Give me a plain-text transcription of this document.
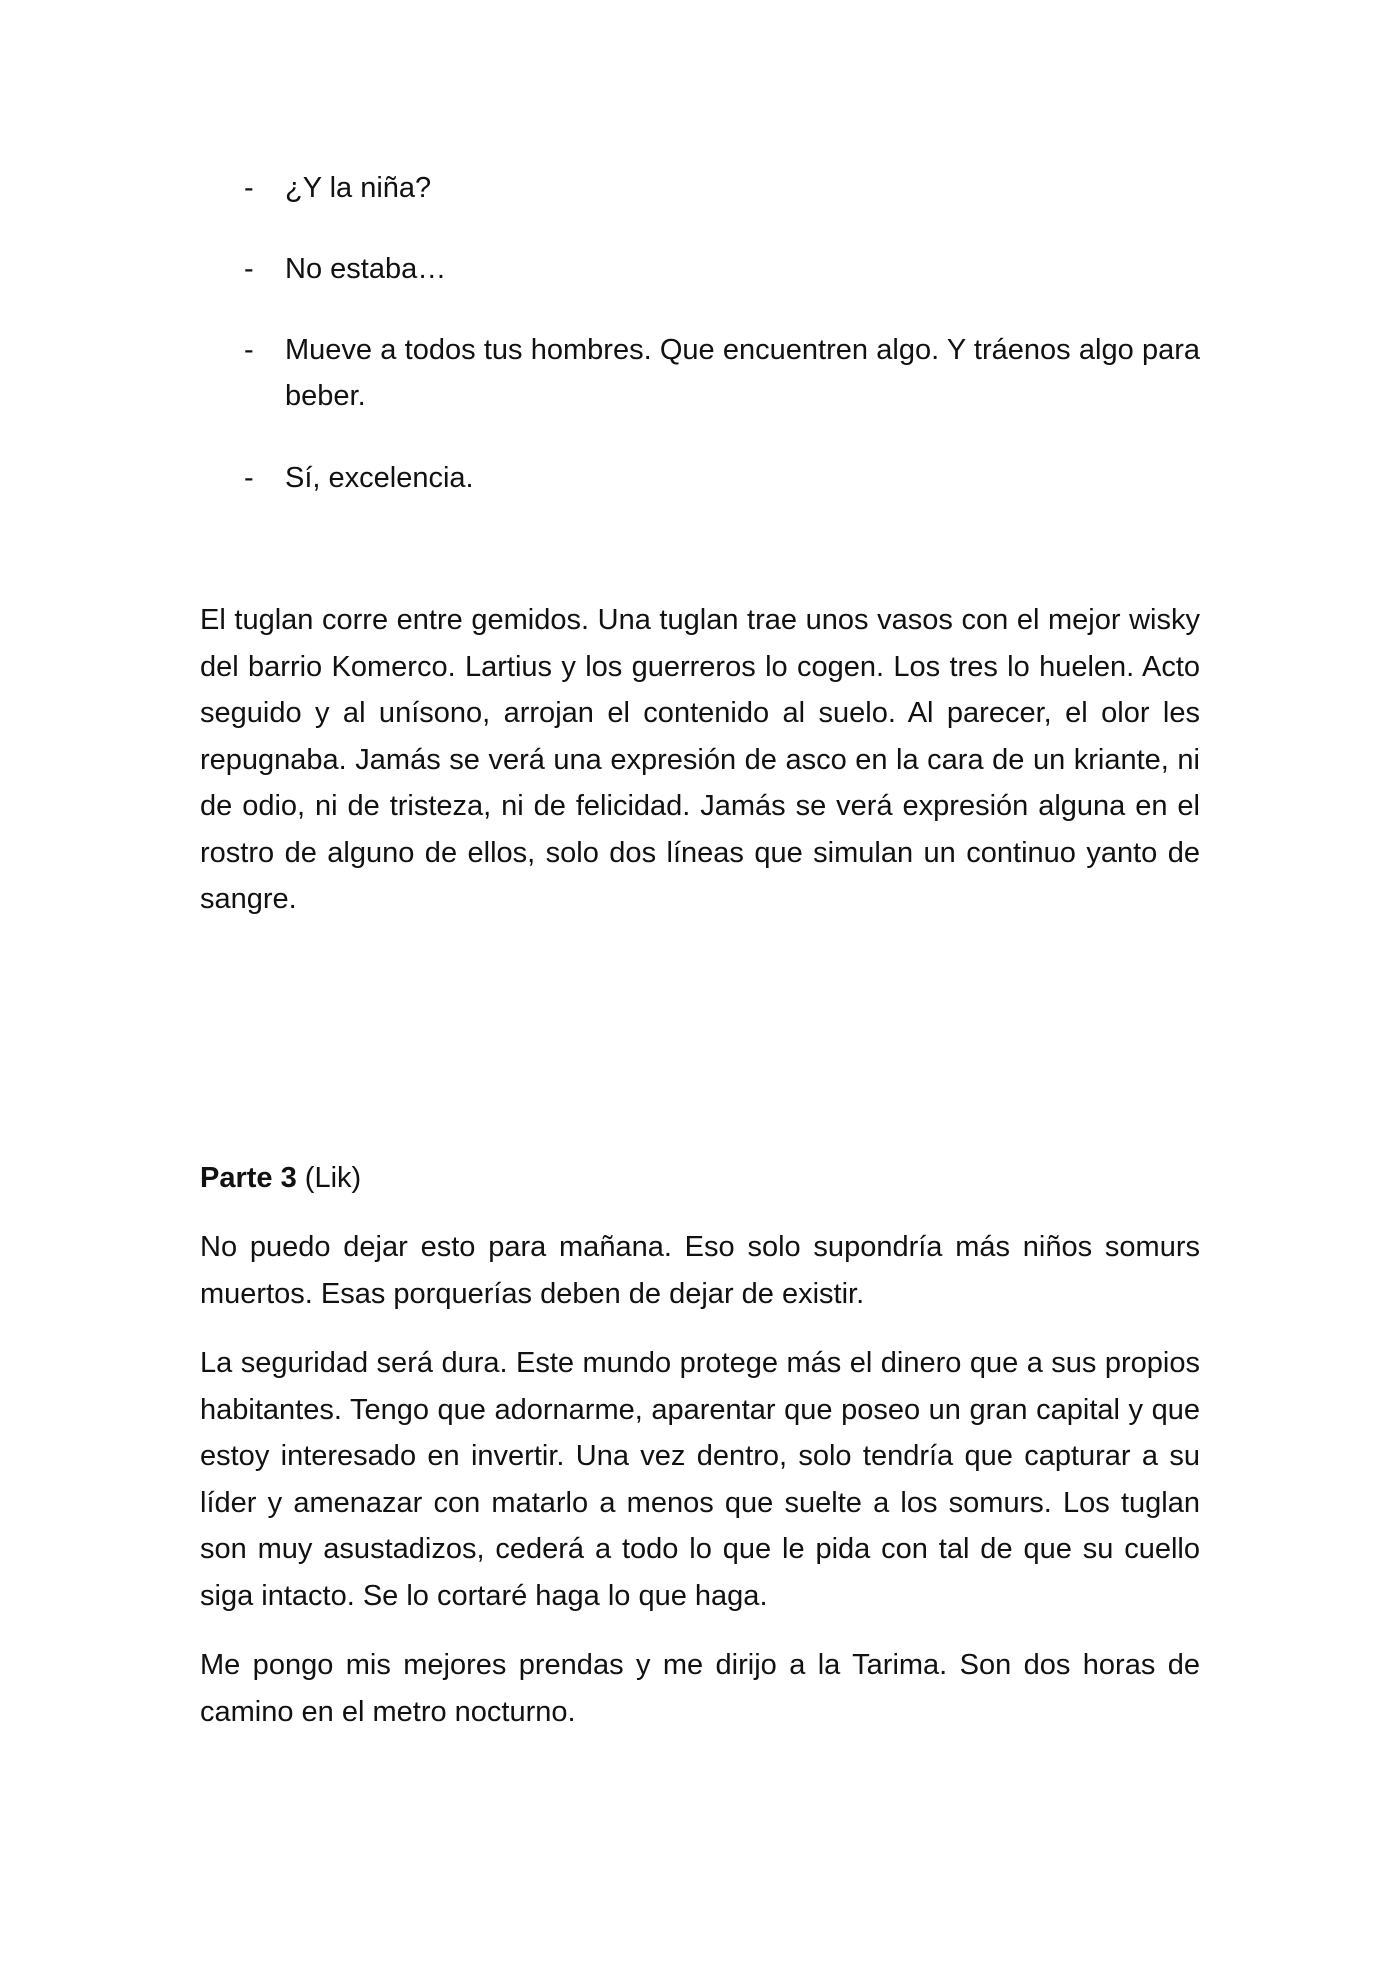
-	¿Y la niña?
-	No estaba…
-	Mueve a todos tus hombres. Que encuentren algo. Y tráenos algo para beber.
-	Sí, excelencia.

El tuglan corre entre gemidos. Una tuglan trae unos vasos con el mejor wisky del barrio Komerco. Lartius y los guerreros lo cogen. Los tres lo huelen. Acto seguido y al unísono, arrojan el contenido al suelo. Al parecer, el olor les repugnaba. Jamás se verá una expresión de asco en la cara de un kriante, ni de odio, ni de tristeza, ni de felicidad. Jamás se verá expresión alguna en el rostro de alguno de ellos, solo dos líneas que simulan un continuo yanto de sangre.

Parte 3 (Lik)

No puedo dejar esto para mañana. Eso solo supondría más niños somurs muertos. Esas porquerías deben de dejar de existir.

La seguridad será dura. Este mundo protege más el dinero que a sus propios habitantes. Tengo que adornarme, aparentar que poseo un gran capital y que estoy interesado en invertir. Una vez dentro, solo tendría que capturar a su líder y amenazar con matarlo a menos que suelte a los somurs. Los tuglan son muy asustadizos, cederá a todo lo que le pida con tal de que su cuello siga intacto. Se lo cortaré haga lo que haga.

Me pongo mis mejores prendas y me dirijo a la Tarima. Son dos horas de camino en el metro nocturno.
